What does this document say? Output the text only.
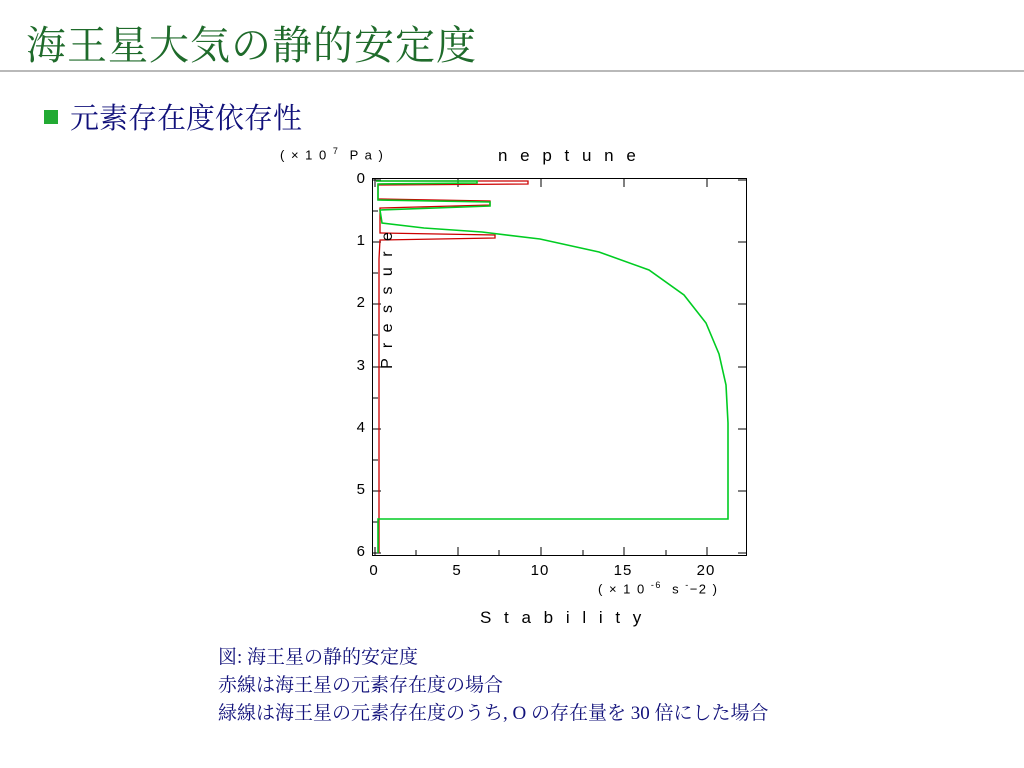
海王星大気の静的安定度
元素存在度依存性
( × 1 0 $^7$  P a )	n e p t u n e
0
1
2
3
4
5
6
0	5	10	15	20
P r e s s u r e
( × 1 0 $^{-6}$  s -−2 )
S t a b i l i t y
図: 海王星の静的安定度
赤線は海王星の元素存在度の場合
緑線は海王星の元素存在度のうち, O の存在量を 30 倍にした場合
